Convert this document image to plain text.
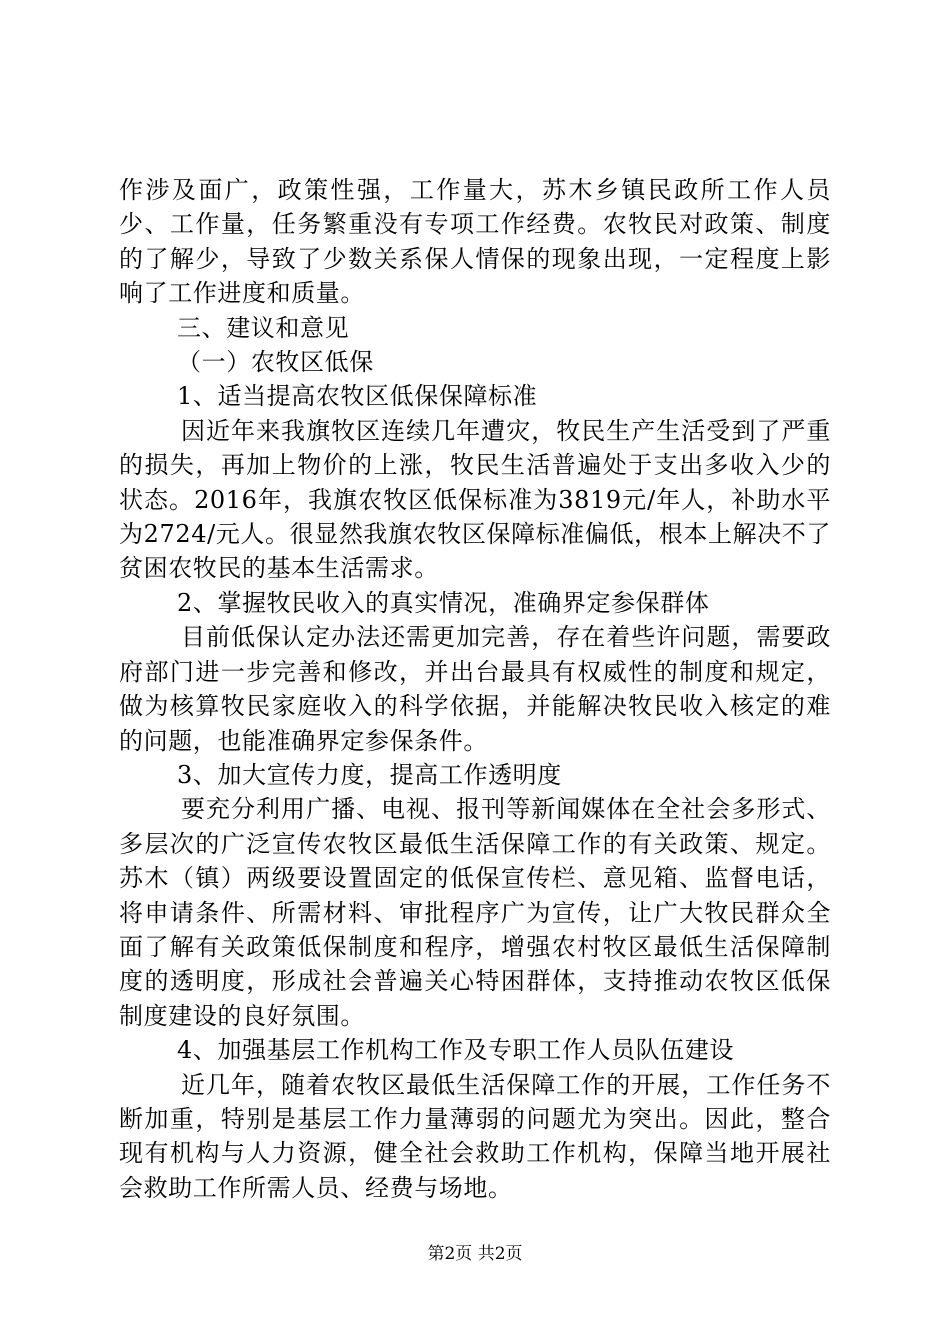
作涉及面广，政策性强，工作量大，苏木乡镇民政所工作人员少、工作量，任务繁重没有专项工作经费。农牧民对政策、制度的了解少，导致了少数关系保人情保的现象出现，一定程度上影响了工作进度和质量。

三、建议和意见

（一）农牧区低保

1、适当提高农牧区低保保障标准

因近年来我旗牧区连续几年遭灾，牧民生产生活受到了严重的损失，再加上物价的上涨，牧民生活普遍处于支出多收入少的状态。2016年，我旗农牧区低保标准为3819元/年人，补助水平为2724/元人。很显然我旗农牧区保障标准偏低，根本上解决不了贫困农牧民的基本生活需求。

2、掌握牧民收入的真实情况，准确界定参保群体

目前低保认定办法还需更加完善，存在着些许问题，需要政府部门进一步完善和修改，并出台最具有权威性的制度和规定，做为核算牧民家庭收入的科学依据，并能解决牧民收入核定的难的问题，也能准确界定参保条件。

3、加大宣传力度，提高工作透明度

要充分利用广播、电视、报刊等新闻媒体在全社会多形式、多层次的广泛宣传农牧区最低生活保障工作的有关政策、规定。苏木（镇）两级要设置固定的低保宣传栏、意见箱、监督电话，将申请条件、所需材料、审批程序广为宣传，让广大牧民群众全面了解有关政策低保制度和程序，增强农村牧区最低生活保障制度的透明度，形成社会普遍关心特困群体，支持推动农牧区低保制度建设的良好氛围。

4、加强基层工作机构工作及专职工作人员队伍建设

近几年，随着农牧区最低生活保障工作的开展，工作任务不断加重，特别是基层工作力量薄弱的问题尤为突出。因此，整合现有机构与人力资源，健全社会救助工作机构，保障当地开展社会救助工作所需人员、经费与场地。

第2页 共2页
